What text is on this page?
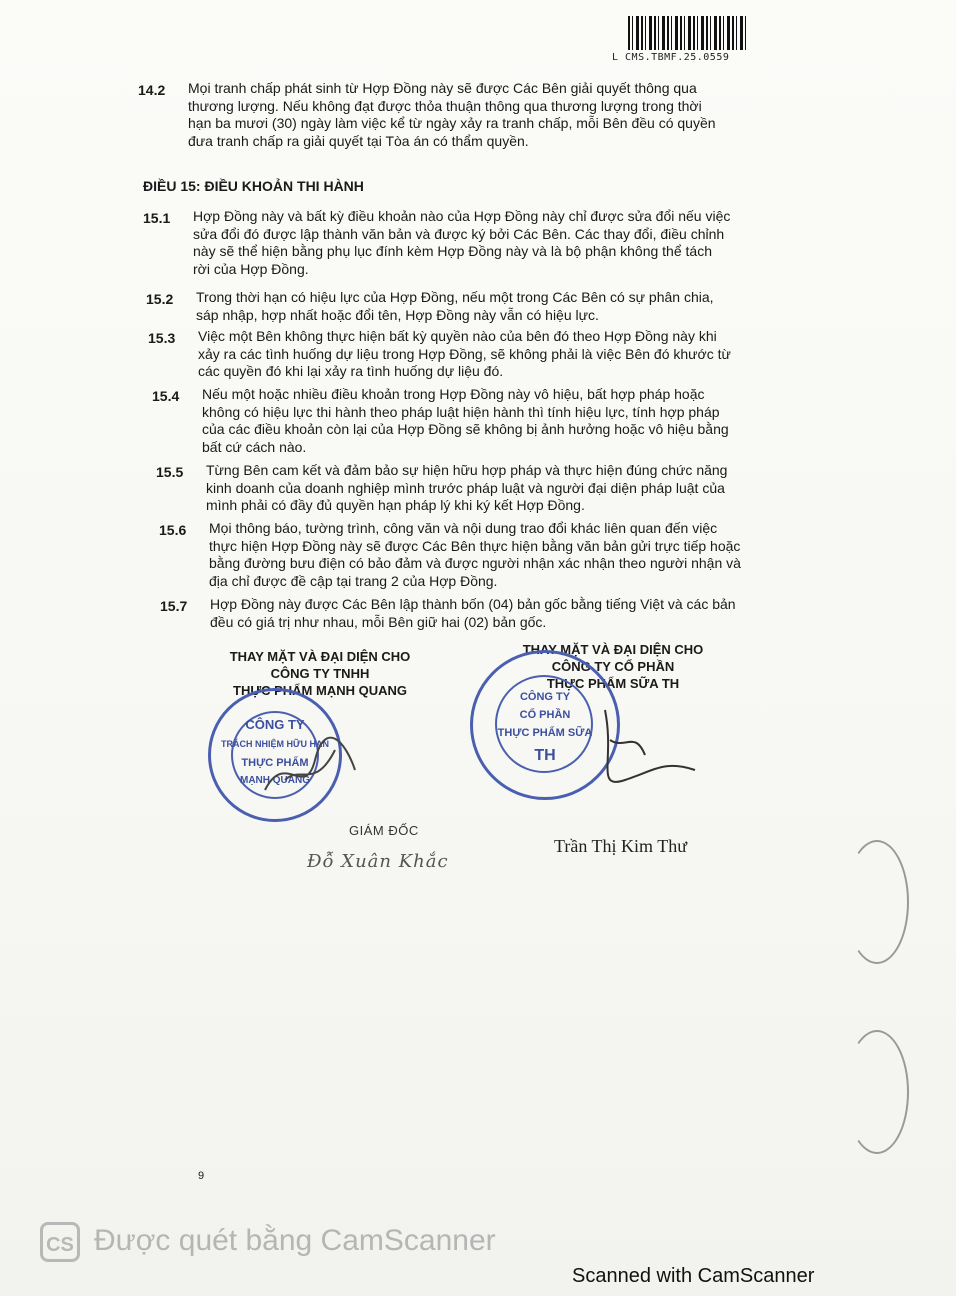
L CMS.TBMF.25.0559
14.2 Mọi tranh chấp phát sinh từ Hợp Đồng này sẽ được Các Bên giải quyết thông qua
thương lượng. Nếu không đạt được thỏa thuận thông qua thương lượng trong thời
hạn ba mươi (30) ngày làm việc kể từ ngày xảy ra tranh chấp, mỗi Bên đều có quyền
đưa tranh chấp ra giải quyết tại Tòa án có thẩm quyền.
ĐIỀU 15: ĐIỀU KHOẢN THI HÀNH
15.1 Hợp Đồng này và bất kỳ điều khoản nào của Hợp Đồng này chỉ được sửa đổi nếu việc
sửa đổi đó được lập thành văn bản và được ký bởi Các Bên. Các thay đổi, điều chỉnh
này sẽ thể hiện bằng phụ lục đính kèm Hợp Đồng này và là bộ phận không thể tách
rời của Hợp Đồng.
15.2 Trong thời hạn có hiệu lực của Hợp Đồng, nếu một trong Các Bên có sự phân chia,
sáp nhập, hợp nhất hoặc đổi tên, Hợp Đồng này vẫn có hiệu lực.
15.3 Việc một Bên không thực hiện bất kỳ quyền nào của bên đó theo Hợp Đồng này khi
xảy ra các tình huống dự liệu trong Hợp Đồng, sẽ không phải là việc Bên đó khước từ
các quyền đó khi lại xảy ra tình huống dự liệu đó.
15.4 Nếu một hoặc nhiều điều khoản trong Hợp Đồng này vô hiệu, bất hợp pháp hoặc
không có hiệu lực thi hành theo pháp luật hiện hành thì tính hiệu lực, tính hợp pháp
của các điều khoản còn lại của Hợp Đồng sẽ không bị ảnh hưởng hoặc vô hiệu bằng
bất cứ cách nào.
15.5 Từng Bên cam kết và đảm bảo sự hiện hữu hợp pháp và thực hiện đúng chức năng
kinh doanh của doanh nghiệp mình trước pháp luật và người đại diện pháp luật của
mình phải có đầy đủ quyền hạn pháp lý khi ký kết Hợp Đồng.
15.6 Mọi thông báo, tường trình, công văn và nội dung trao đổi khác liên quan đến việc
thực hiện Hợp Đồng này sẽ được Các Bên thực hiện bằng văn bản gửi trực tiếp hoặc
bằng đường bưu điện có bảo đảm và được người nhận xác nhận theo người nhận và
địa chỉ được đề cập tại trang 2 của Hợp Đồng.
15.7 Hợp Đồng này được Các Bên lập thành bốn (04) bản gốc bằng tiếng Việt và các bản
đều có giá trị như nhau, mỗi Bên giữ hai (02) bản gốc.
THAY MẶT VÀ ĐẠI DIỆN CHO
CÔNG TY TNHH
THỰC PHẨM MẠNH QUANG
CÔNG TY
TRÁCH NHIỆM HỮU HẠN
THỰC PHẨM
MẠNH QUANG
GIÁM ĐỐC
Đỗ Xuân Khắc
THAY MẶT VÀ ĐẠI DIỆN CHO
CÔNG TY CỔ PHẦN
THỰC PHẨM SỮA TH
CÔNG TY
CỔ PHẦN
THỰC PHẨM SỮA
TH
Trần Thị Kim Thư
9
CS Được quét bằng CamScanner
Scanned with CamScanner
